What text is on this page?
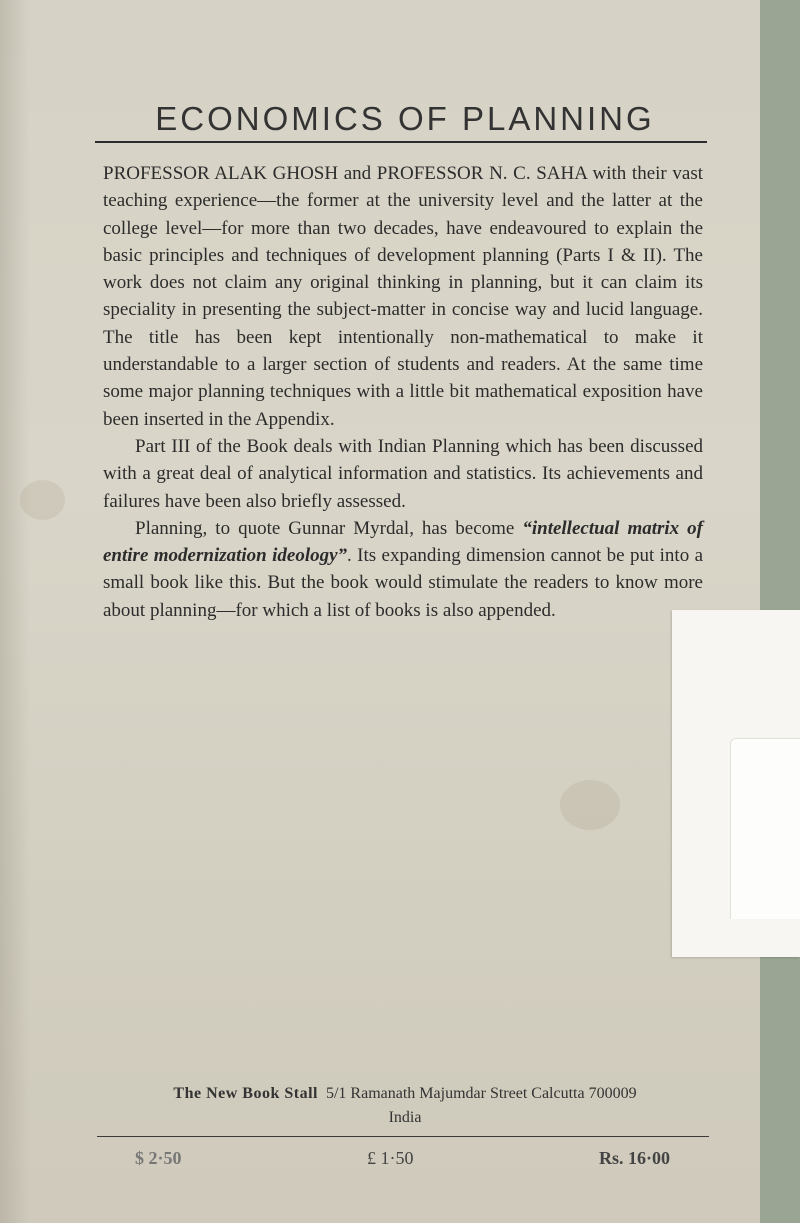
ECONOMICS OF PLANNING

PROFESSOR ALAK GHOSH and PROFESSOR N. C. SAHA with their vast teaching experience—the former at the university level and the latter at the college level—for more than two decades, have endeavoured to explain the basic principles and techniques of development planning (Parts I & II). The work does not claim any original thinking in planning, but it can claim its speciality in presenting the subject-matter in concise way and lucid language. The title has been kept intentionally non-mathematical to make it understandable to a larger section of students and readers. At the same time some major planning techniques with a little bit mathematical exposition have been inserted in the Appendix.

Part III of the Book deals with Indian Planning which has been discussed with a great deal of analytical information and statistics. Its achievements and failures have been also briefly assessed.

Planning, to quote Gunnar Myrdal, has become “intellectual matrix of entire modernization ideology”. Its expanding dimension cannot be put into a small book like this. But the book would stimulate the readers to know more about planning—for which a list of books is also appended.

The New Book Stall 5/1 Ramanath Majumdar Street Calcutta 700009
India
$ 2·50	£ 1·50	Rs. 16·00
